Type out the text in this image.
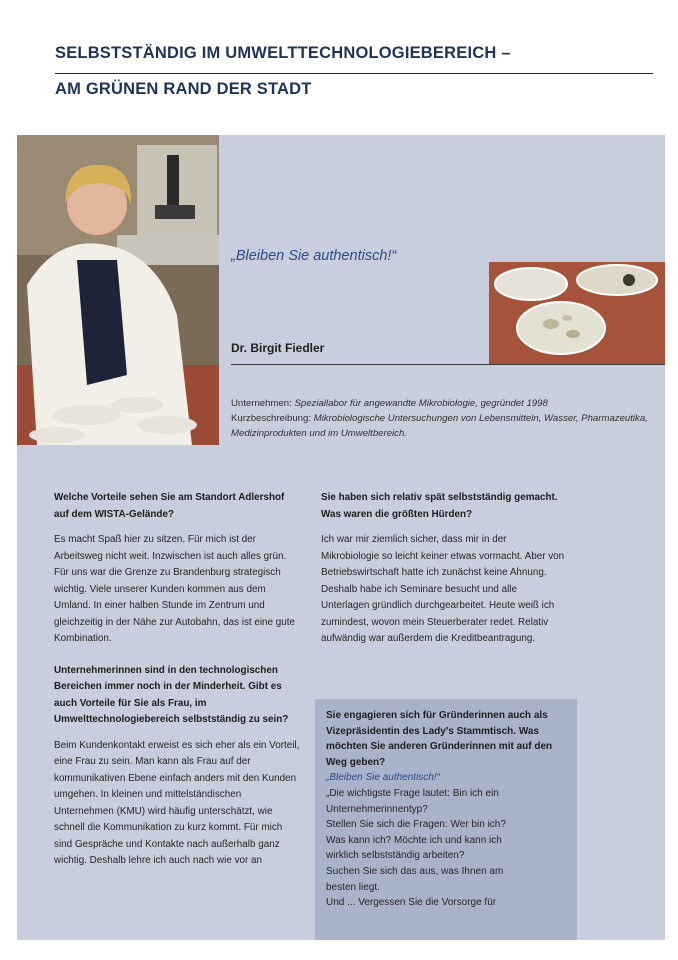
SELBSTSTÄNDIG IM UMWELTTECHNOLOGIEBEREICH –
AM GRÜNEN RAND DER STADT
„Bleiben Sie authentisch!“
Dr. Birgit Fiedler
Unternehmen: Speziallabor für angewandte Mikrobiologie, gegründet 1998
Kurzbeschreibung: Mikrobiologische Untersuchungen von Lebensmitteln, Wasser, Pharmazeutika, Medizinprodukten und im Umweltbereich.
Welche Vorteile sehen Sie am Standort Adlershof auf dem WISTA-Gelände?
Es macht Spaß hier zu sitzen. Für mich ist der Arbeitsweg nicht weit. Inzwischen ist auch alles grün. Für uns war die Grenze zu Brandenburg strategisch wichtig. Viele unserer Kunden kommen aus dem Umland. In einer halben Stunde im Zentrum und gleichzeitig in der Nähe zur Autobahn, das ist eine gute Kombination.
Unternehmerinnen sind in den technologischen Bereichen immer noch in der Minderheit. Gibt es auch Vorteile für Sie als Frau, im Umwelttechnologiebereich selbstständig zu sein?
Beim Kundenkontakt erweist es sich eher als ein Vorteil, eine Frau zu sein. Man kann als Frau auf der kommunikativen Ebene einfach anders mit den Kunden umgehen. In kleinen und mittelständischen Unternehmen (KMU) wird häufig unterschätzt, wie schnell die Kommunikation zu kurz kommt. Für mich sind Gespräche und Kontakte nach außerhalb ganz wichtig. Deshalb lehre ich auch nach wie vor an
Sie haben sich relativ spät selbstständig gemacht. Was waren die größten Hürden?
Ich war mir ziemlich sicher, dass mir in der Mikrobiologie so leicht keiner etwas vormacht. Aber von Betriebswirtschaft hatte ich zunächst keine Ahnung. Deshalb habe ich Seminare besucht und alle Unterlagen gründlich durchgearbeitet. Heute weiß ich zumindest, wovon mein Steuerberater redet. Relativ aufwändig war außerdem die Kreditbeantragung.
Sie engagieren sich für Gründerinnen auch als Vizepräsidentin des Lady's Stammtisch. Was möchten Sie anderen Gründerinnen mit auf den Weg geben?
„Bleiben Sie authentisch!“
„Die wichtigste Frage lautet: Bin ich ein
Unternehmerinnentyp?
Stellen Sie sich die Fragen: Wer bin ich?
Was kann ich? Möchte ich und kann ich
wirklich selbstständig arbeiten?
Suchen Sie sich das aus, was Ihnen am
besten liegt.
Und ... Vergessen Sie die Vorsorge für
